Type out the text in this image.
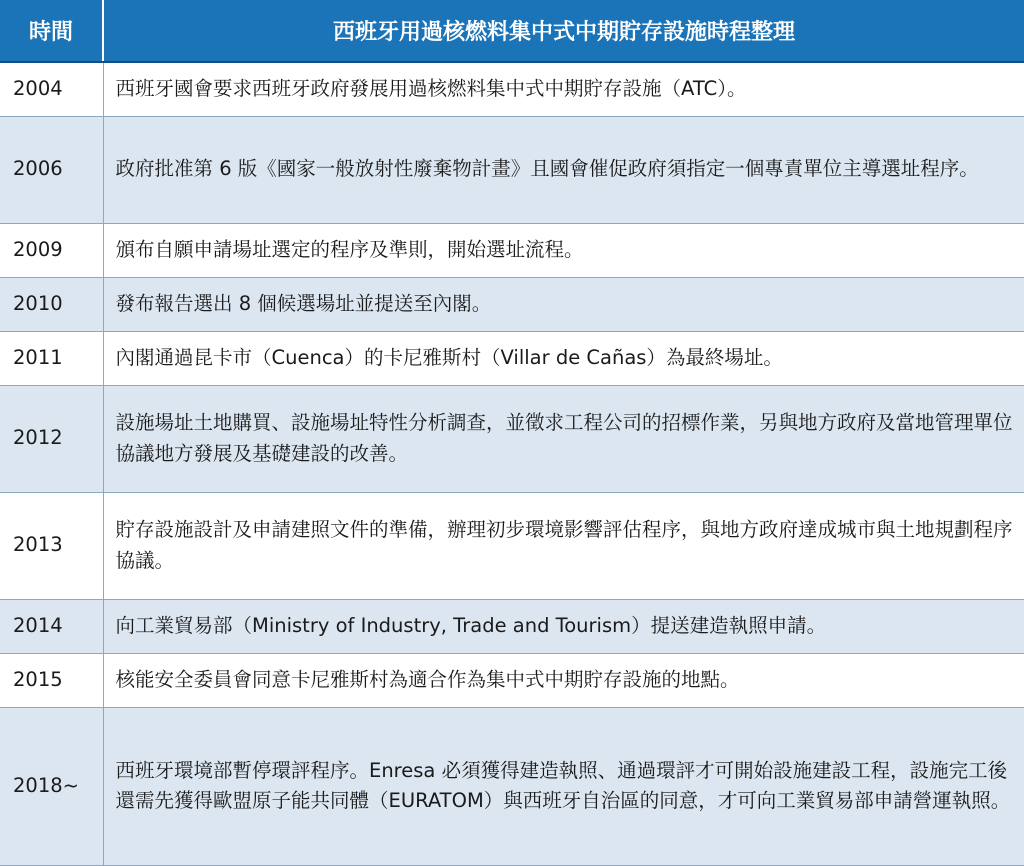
時間	西班牙用過核燃料集中式中期貯存設施時程整理
2004	西班牙國會要求西班牙政府發展用過核燃料集中式中期貯存設施（ATC）。
2006	政府批准第 6 版《國家一般放射性廢棄物計畫》且國會催促政府須指定一個專責單位主導選址程序。
2009	頒布自願申請場址選定的程序及準則，開始選址流程。
2010	發布報告選出 8 個候選場址並提送至內閣。
2011	內閣通過昆卡市（Cuenca）的卡尼雅斯村（Villar de Cañas）為最終場址。
2012	設施場址土地購買、設施場址特性分析調查，並徵求工程公司的招標作業，另與地方政府及當地管理單位協議地方發展及基礎建設的改善。
2013	貯存設施設計及申請建照文件的準備，辦理初步環境影響評估程序，與地方政府達成城市與土地規劃程序協議。
2014	向工業貿易部（Ministry of Industry, Trade and Tourism）提送建造執照申請。
2015	核能安全委員會同意卡尼雅斯村為適合作為集中式中期貯存設施的地點。
2018~	西班牙環境部暫停環評程序。Enresa 必須獲得建造執照、通過環評才可開始設施建設工程，設施完工後還需先獲得歐盟原子能共同體（EURATOM）與西班牙自治區的同意，才可向工業貿易部申請營運執照。
